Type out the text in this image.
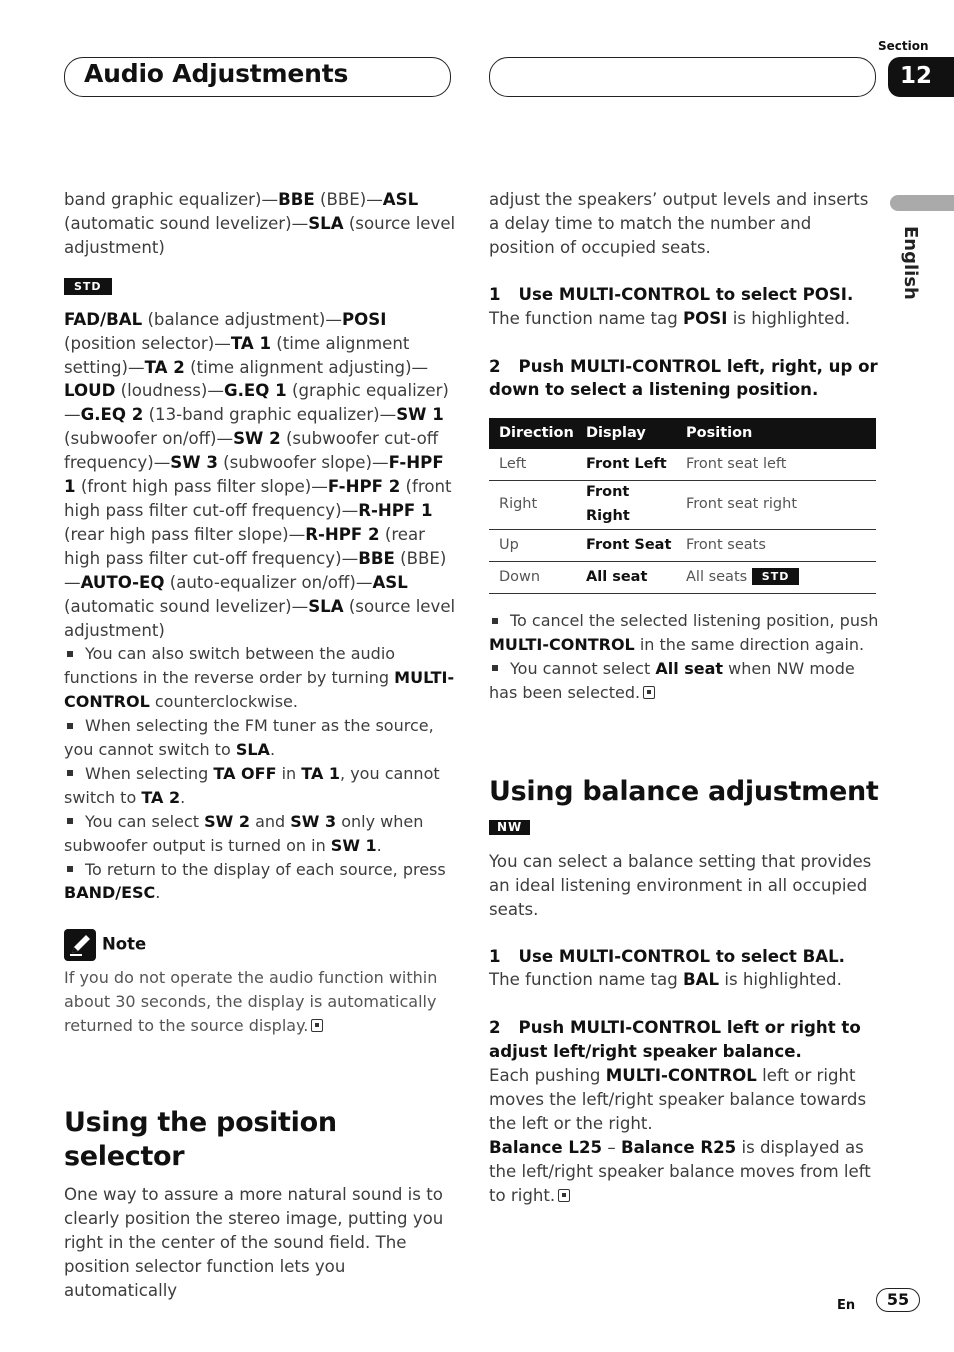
Audio Adjustments
Section
12
English

band graphic equalizer)—BBE (BBE)—ASL (automatic sound levelizer)—SLA (source level adjustment)

STD

FAD/BAL (balance adjustment)—POSI (position selector)—TA 1 (time alignment setting)—TA 2 (time alignment adjusting)—LOUD (loudness)—G.EQ 1 (graphic equalizer)—G.EQ 2 (13-band graphic equalizer)—SW 1 (subwoofer on/off)—SW 2 (subwoofer cut-off frequency)—SW 3 (subwoofer slope)—F-HPF 1 (front high pass filter slope)—F-HPF 2 (front high pass filter cut-off frequency)—R-HPF 1 (rear high pass filter slope)—R-HPF 2 (rear high pass filter cut-off frequency)—BBE (BBE)—AUTO-EQ (auto-equalizer on/off)—ASL (automatic sound levelizer)—SLA (source level adjustment)

You can also switch between the audio functions in the reverse order by turning MULTI-CONTROL counterclockwise.

When selecting the FM tuner as the source, you cannot switch to SLA.

When selecting TA OFF in TA 1, you cannot switch to TA 2.

You can select SW 2 and SW 3 only when subwoofer output is turned on in SW 1.

To return to the display of each source, press BAND/ESC.

Note
If you do not operate the audio function within about 30 seconds, the display is automatically returned to the source display.

Using the position selector

One way to assure a more natural sound is to clearly position the stereo image, putting you right in the center of the sound field. The position selector function lets you automatically

adjust the speakers’ output levels and inserts a delay time to match the number and position of occupied seats.

1 Use MULTI-CONTROL to select POSI.

The function name tag POSI is highlighted.

2 Push MULTI-CONTROL left, right, up or down to select a listening position.

Direction	Display	Position
Left	Front Left	Front seat left
Right	Front Right	Front seat right
Up	Front Seat	Front seats
Down	All seat	All seats STD

To cancel the selected listening position, push MULTI-CONTROL in the same direction again.

You cannot select All seat when NW mode has been selected.

Using balance adjustment NW

You can select a balance setting that provides an ideal listening environment in all occupied seats.

1 Use MULTI-CONTROL to select BAL.

The function name tag BAL is highlighted.

2 Push MULTI-CONTROL left or right to adjust left/right speaker balance.

Each pushing MULTI-CONTROL left or right moves the left/right speaker balance towards the left or the right.

Balance L25 – Balance R25 is displayed as the left/right speaker balance moves from left to right.

En	55
